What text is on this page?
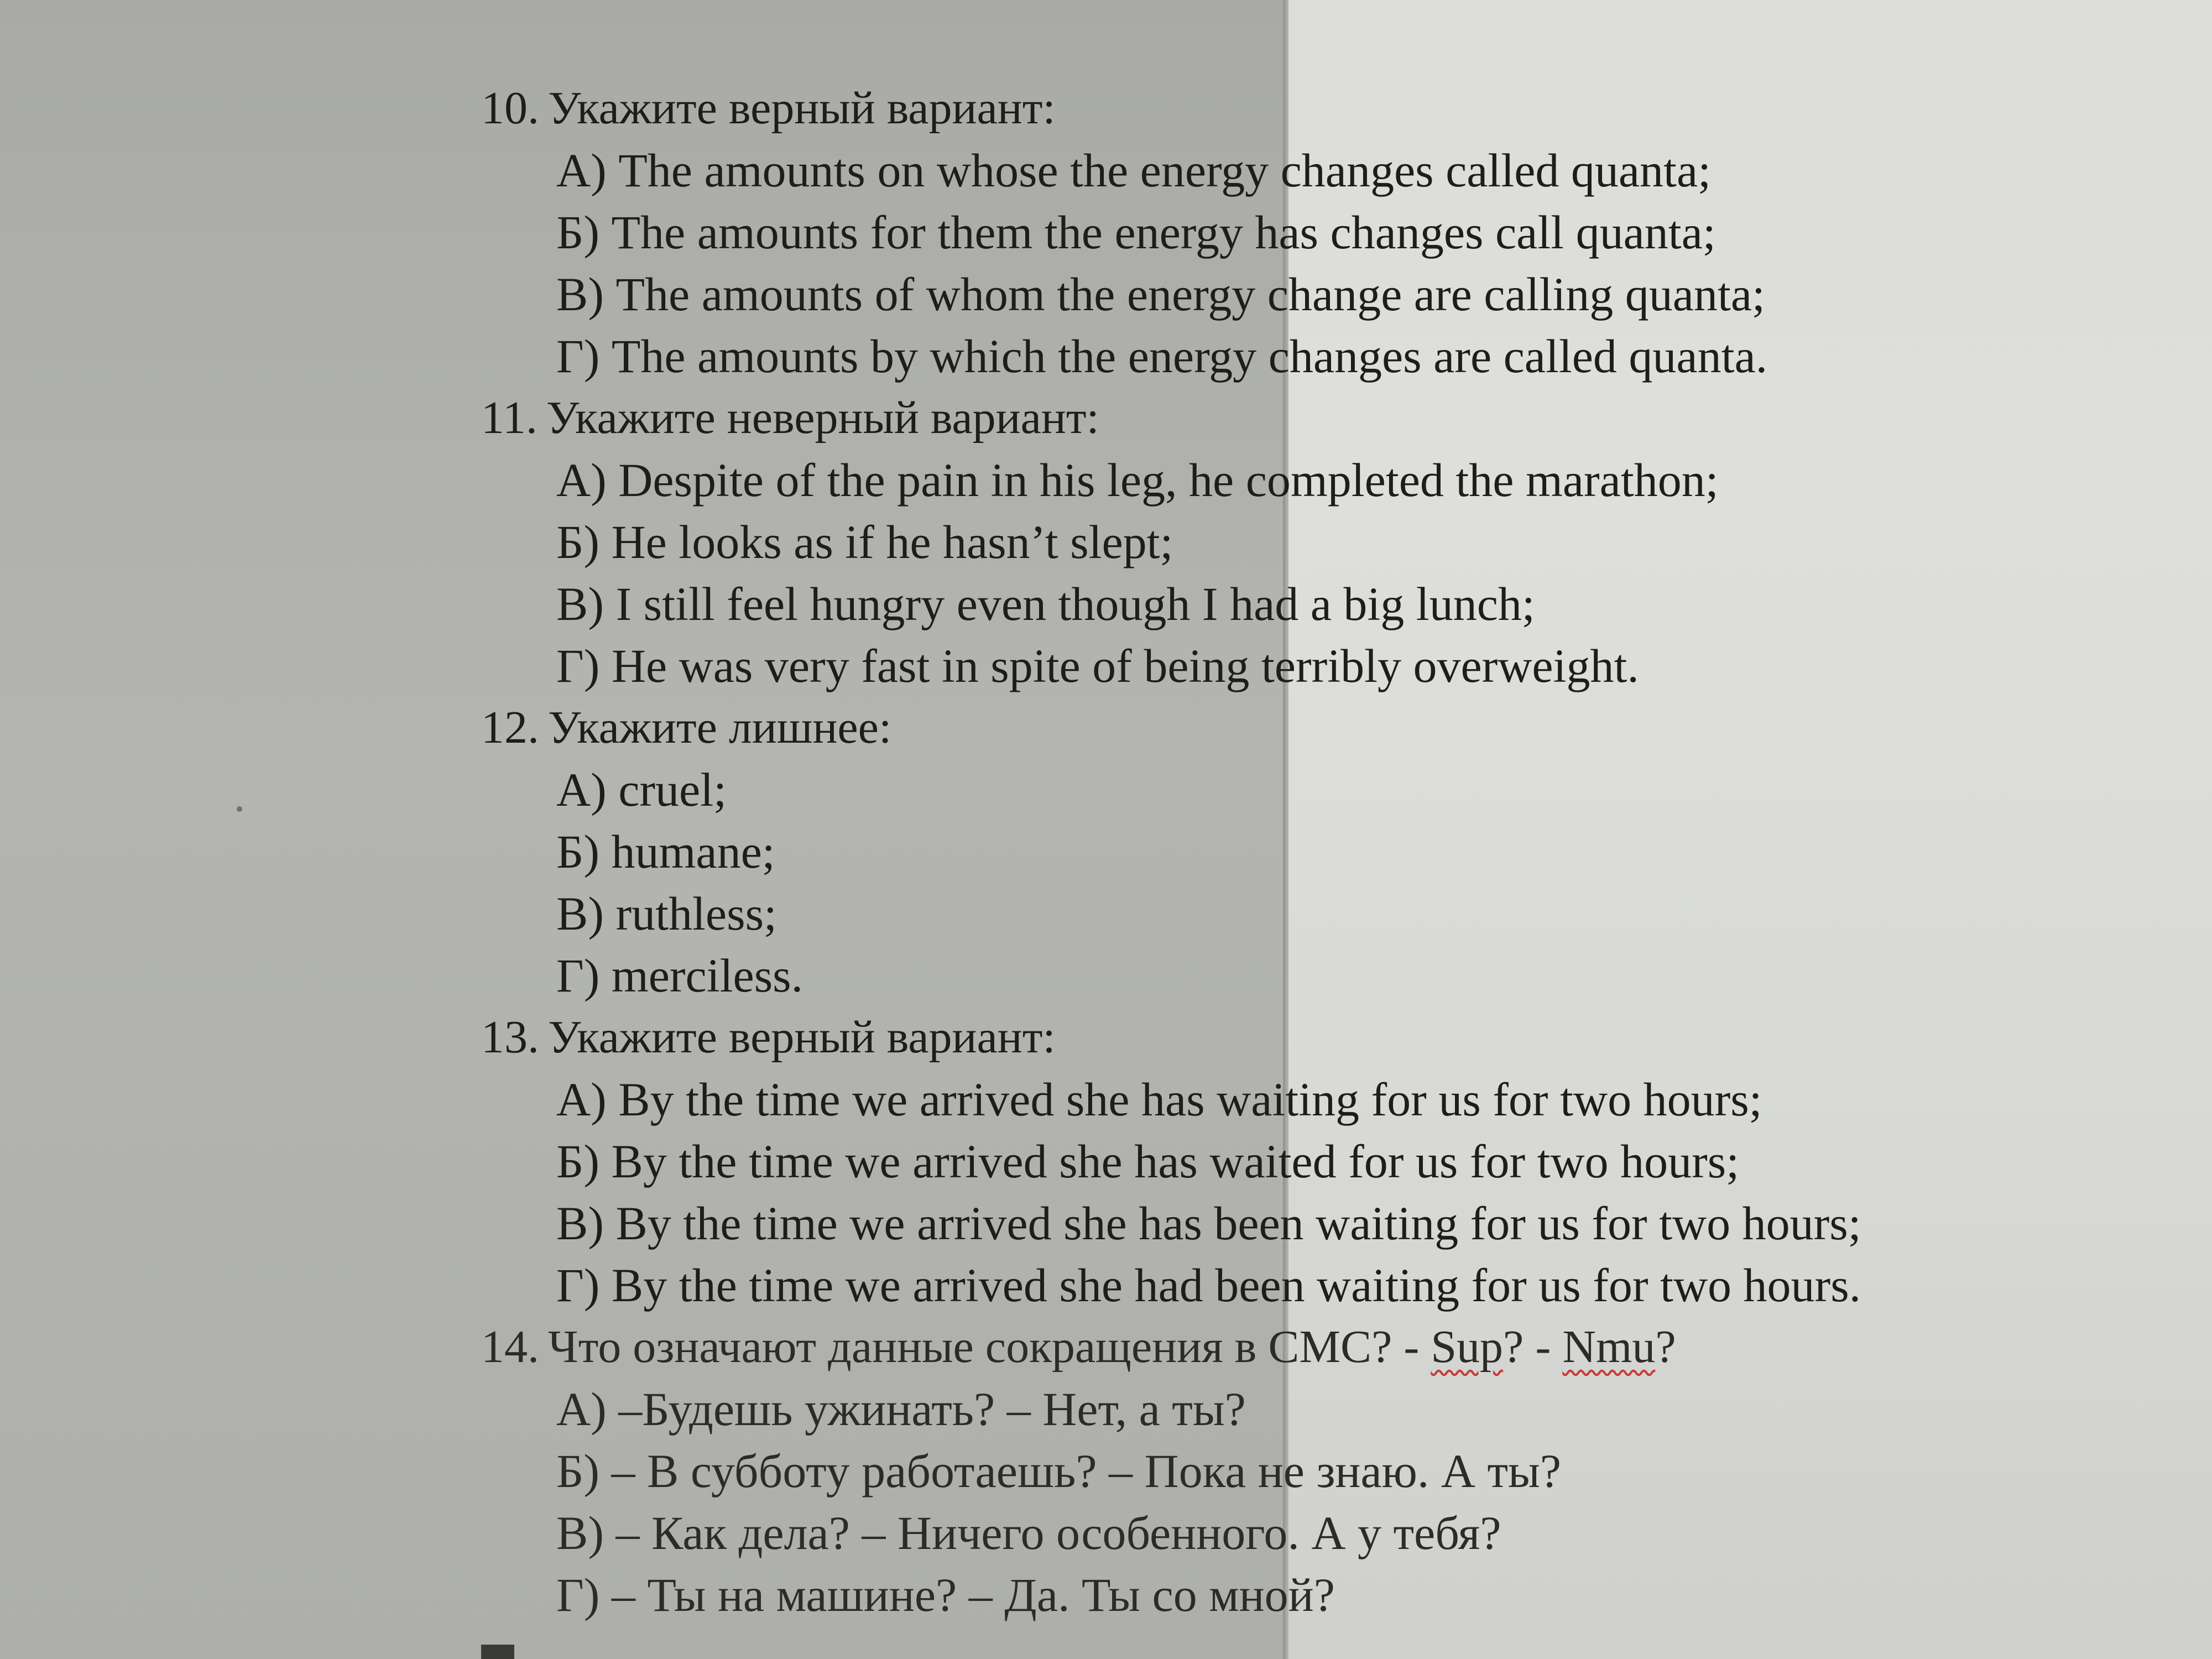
10. Укажите верный вариант:
А) The amounts on whose the energy changes called quanta;
Б) The amounts for them the energy has changes call quanta;
В) The amounts of whom the energy change are calling quanta;
Г) The amounts by which the energy changes are called quanta.
11. Укажите неверный вариант:
А) Despite of the pain in his leg, he completed the marathon;
Б) He looks as if he hasn’t slept;
В) I still feel hungry even though I had a big lunch;
Г) He was very fast in spite of being terribly overweight.
12. Укажите лишнее:
А) cruel;
Б) humane;
В) ruthless;
Г) merciless.
13. Укажите верный вариант:
А) By the time we arrived she has waiting for us for two hours;
Б) By the time we arrived she has waited for us for two hours;
В) By the time we arrived she has been waiting for us for two hours;
Г) By the time we arrived she had been waiting for us for two hours.
14. Что означают данные сокращения в СМС? - Sup? - Nmu?
А) –Будешь ужинать? – Нет, а ты?
Б) – В субботу работаешь? – Пока не знаю. А ты?
В) – Как дела? – Ничего особенного. А у тебя?
Г) – Ты на машине? – Да. Ты со мной?
